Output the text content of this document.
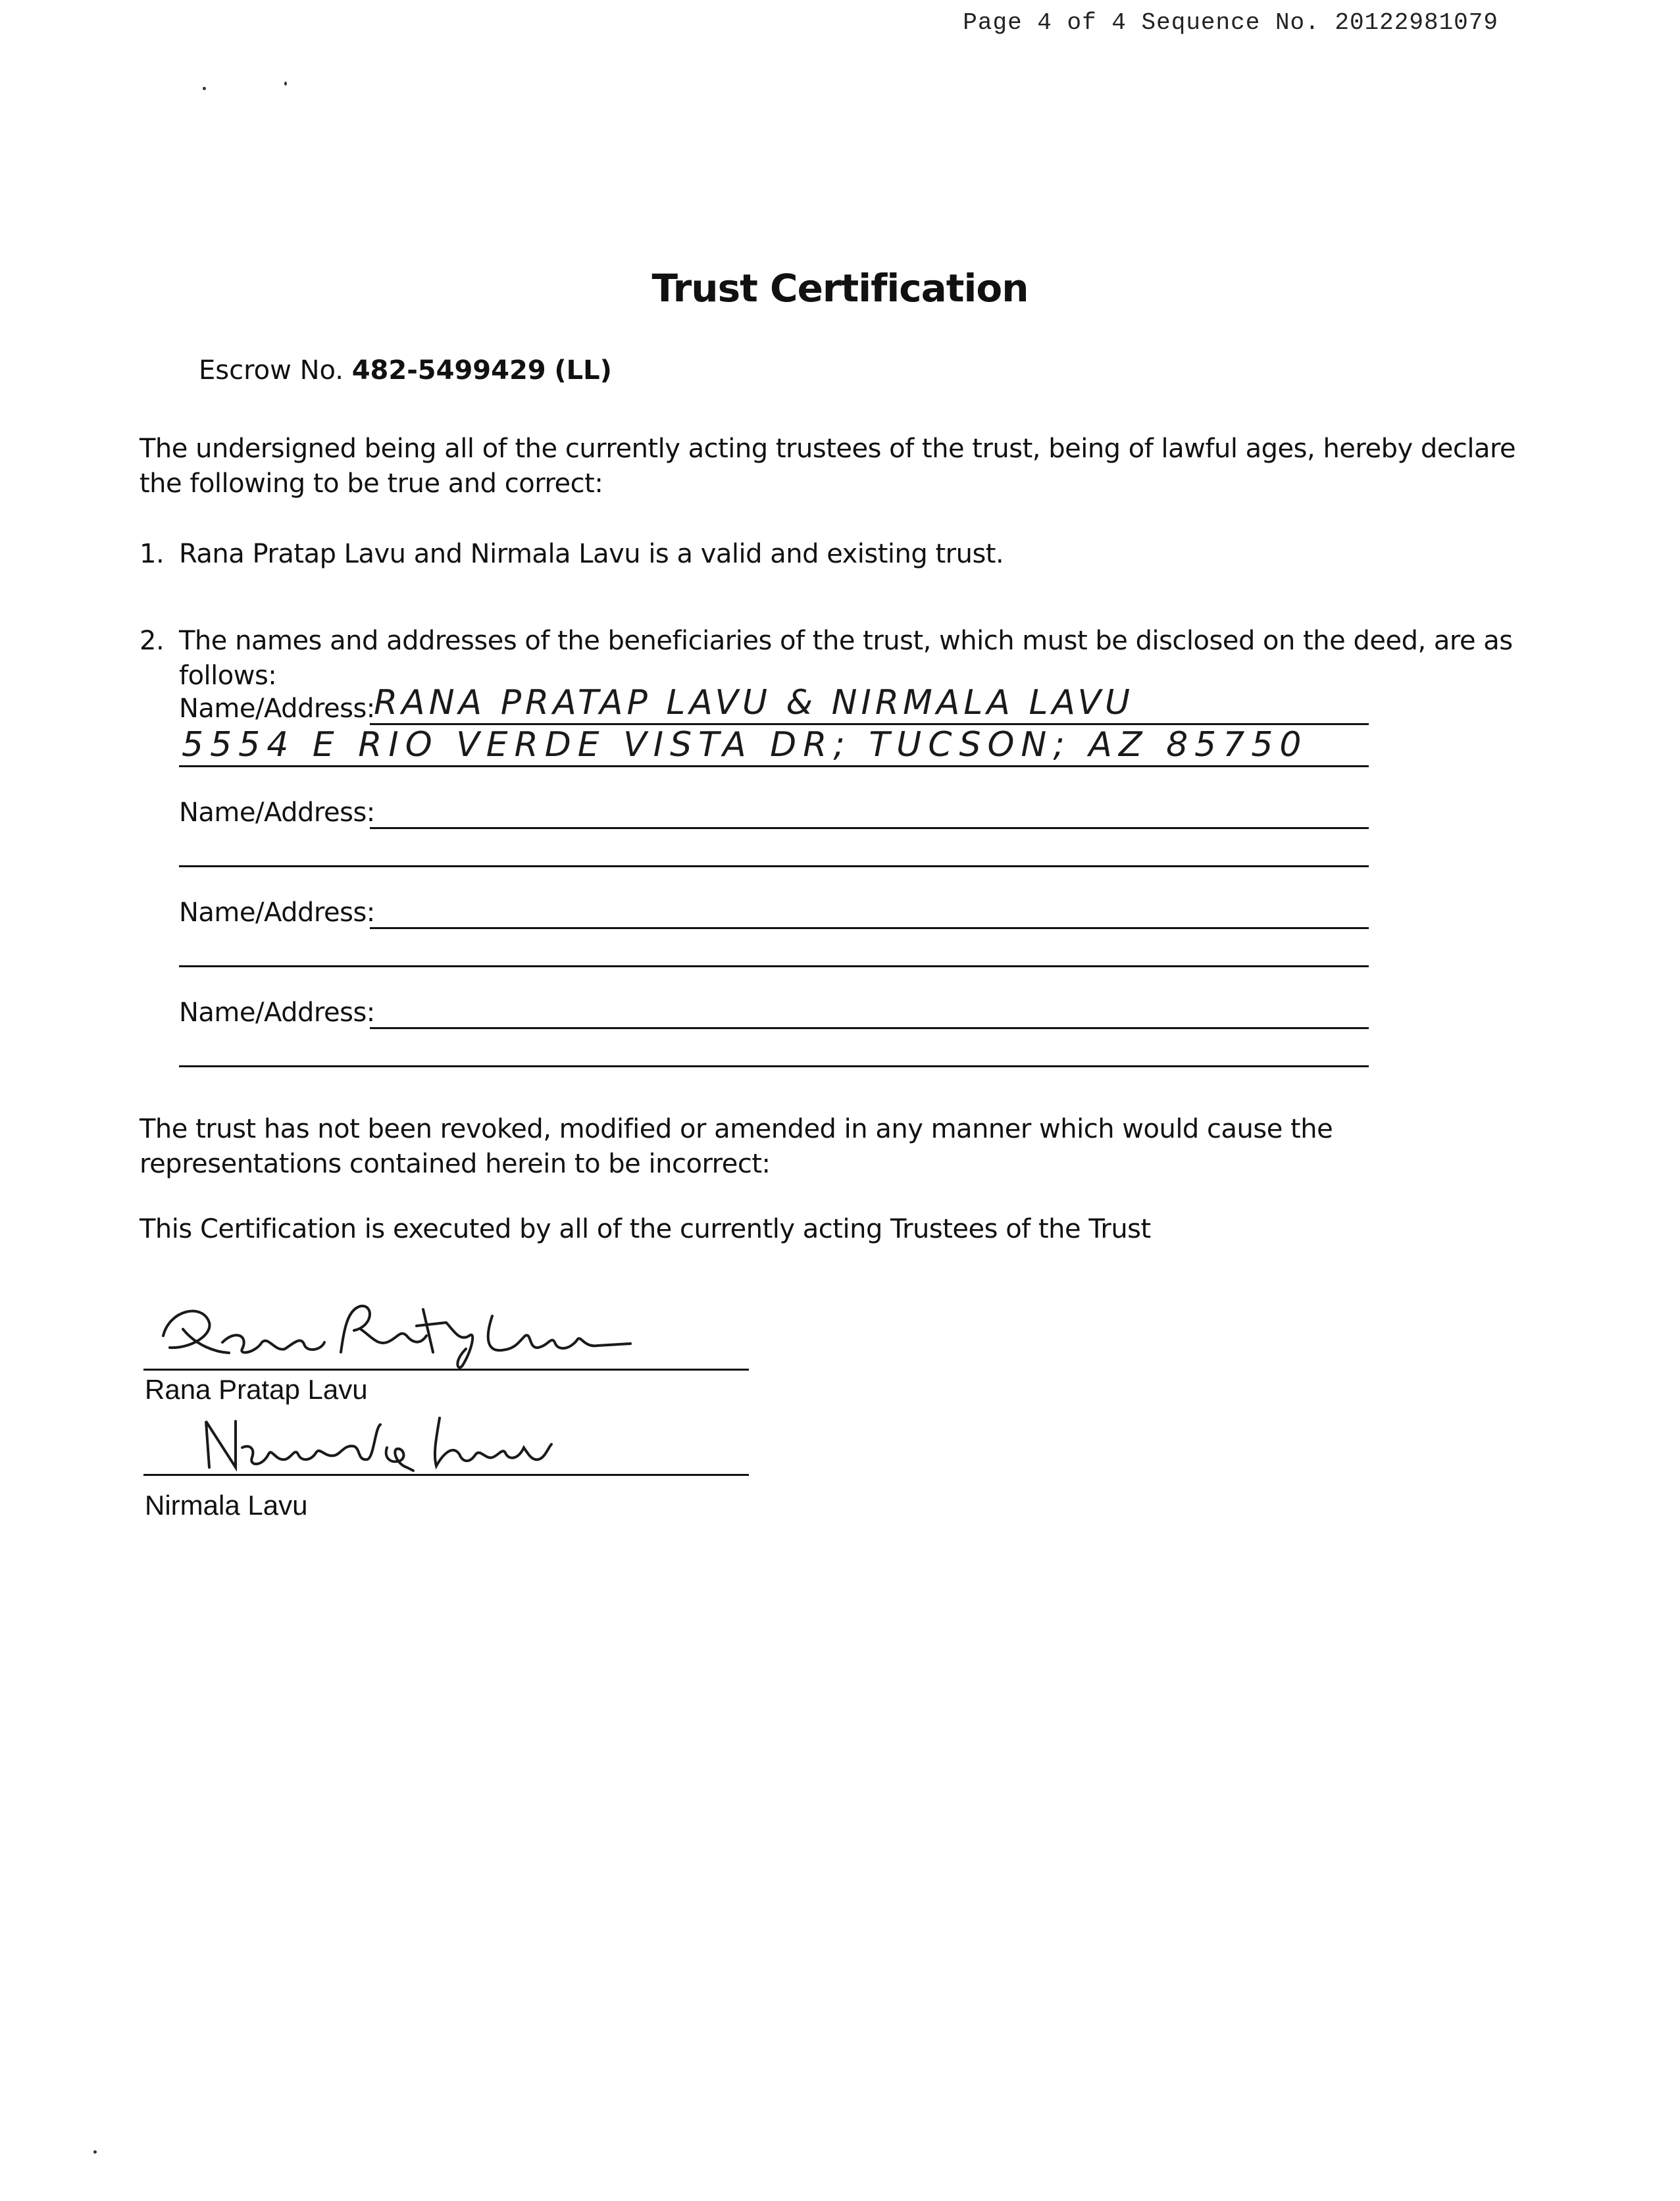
Page 4 of 4 Sequence No. 20122981079
Trust Certification
Escrow No. 482-5499429 (LL)
The undersigned being all of the currently acting trustees of the trust, being of lawful ages, hereby declare the following to be true and correct:
1. Rana Pratap Lavu and Nirmala Lavu is a valid and existing trust.
2. The names and addresses of the beneficiaries of the trust, which must be disclosed on the deed, are as follows:
Name/Address:
RANA PRATAP LAVU & NIRMALA LAVU
5554 E RIO VERDE VISTA DR; TUCSON; AZ 85750
Name/Address:
Name/Address:
Name/Address:
The trust has not been revoked, modified or amended in any manner which would cause the representations contained herein to be incorrect:
This Certification is executed by all of the currently acting Trustees of the Trust
Rana Pratap Lavu
Nirmala Lavu
